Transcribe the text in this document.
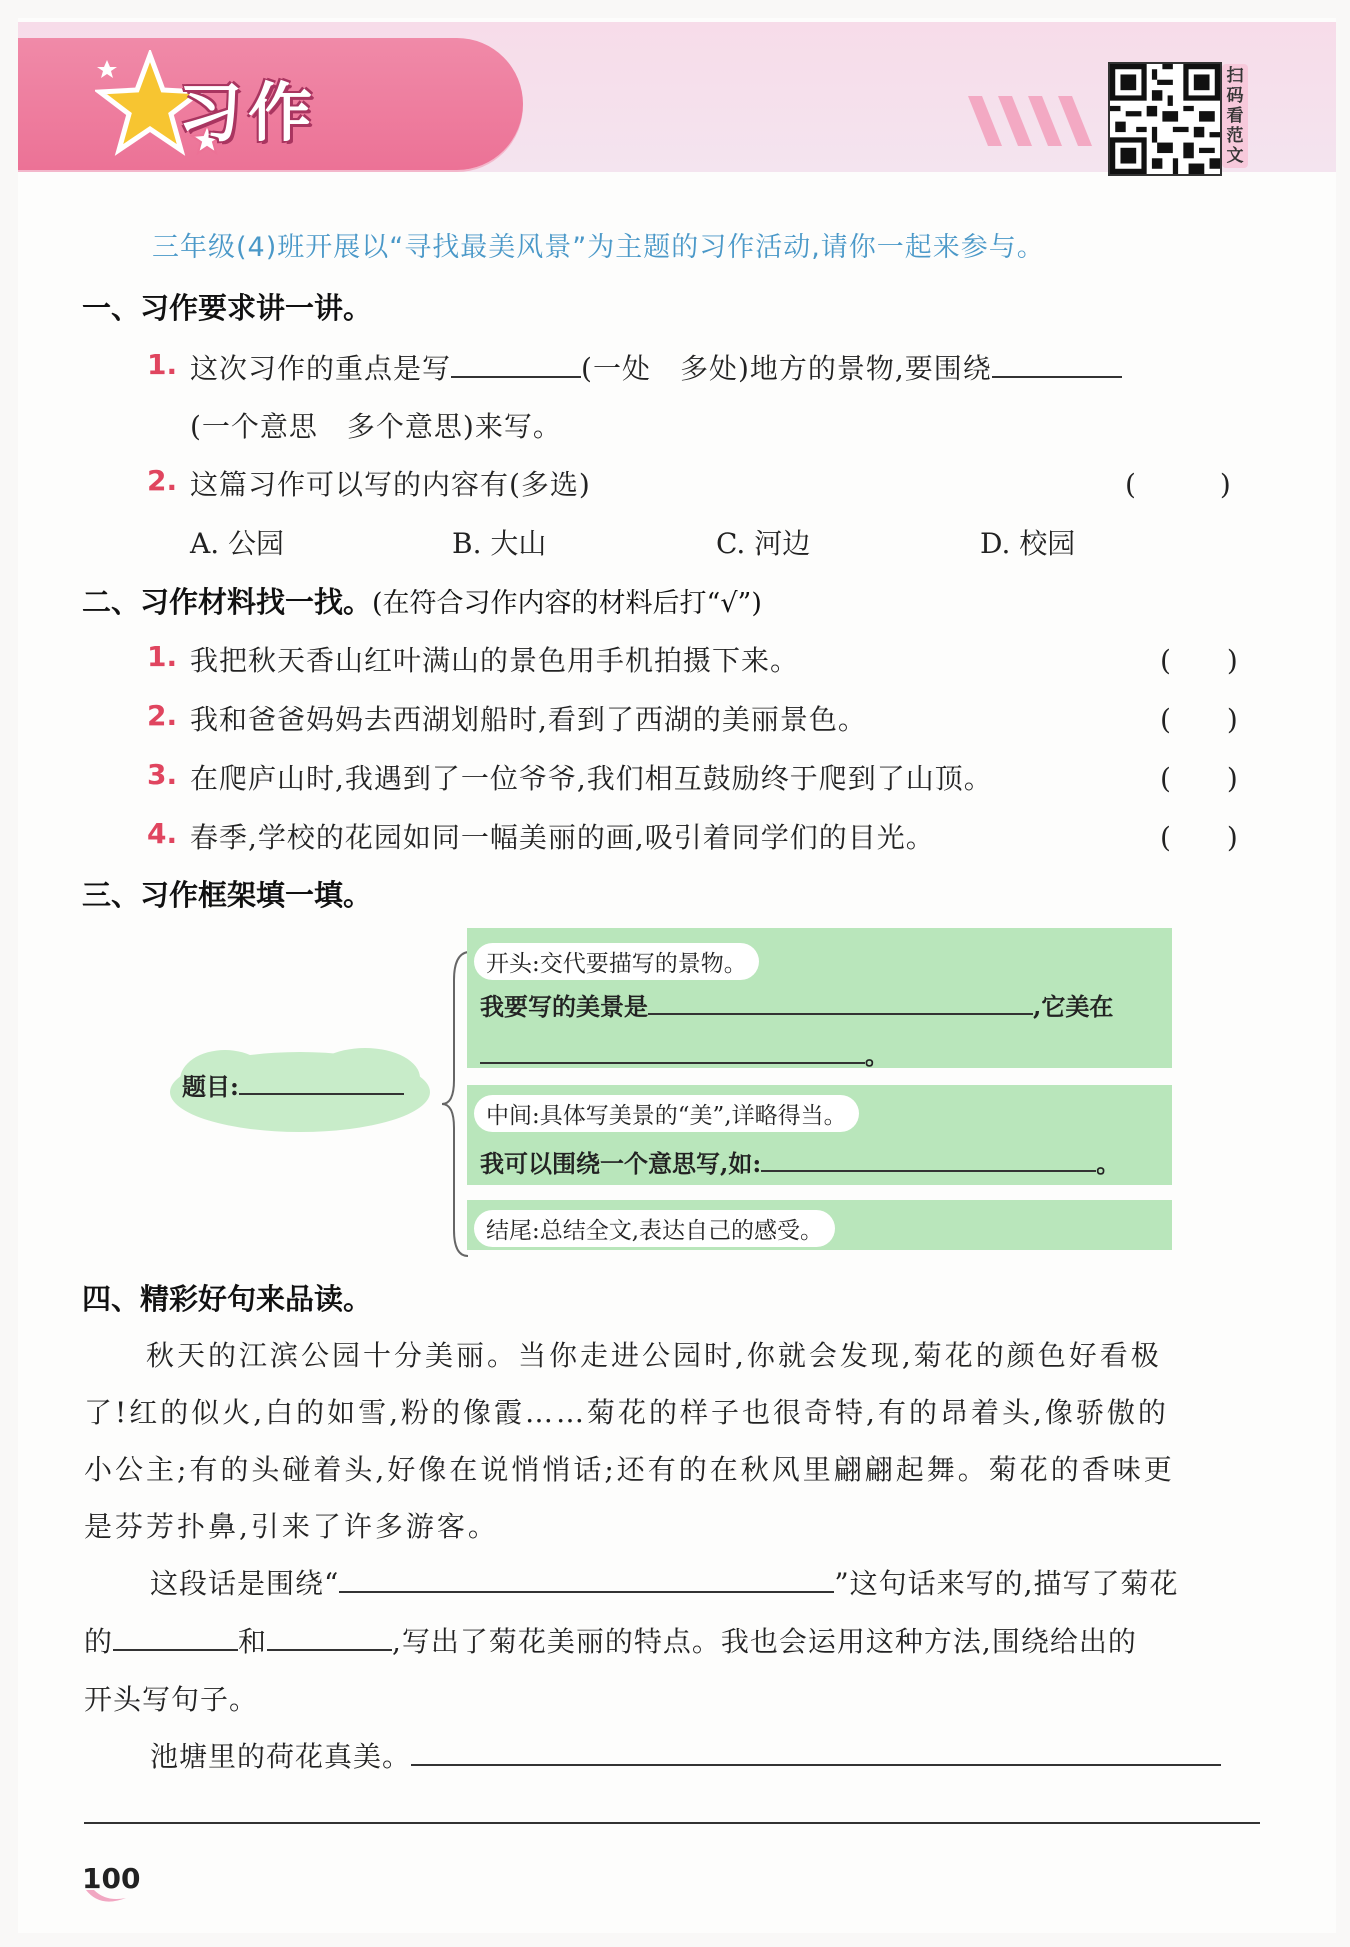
习作
扫码看范文
三年级(4)班开展以“寻找最美风景”为主题的习作活动,请你一起来参与。
一、习作要求讲一讲。
1. 这次习作的重点是写	(一处　多处)地方的景物,要围绕
(一个意思　多个意思)来写。
2. 这篇习作可以写的内容有(多选)	(　　　)
A. 公园	B. 大山	C. 河边	D. 校园
二、习作材料找一找。(在符合习作内容的材料后打“√”)
1. 我把秋天香山红叶满山的景色用手机拍摄下来。	(　　)
2. 我和爸爸妈妈去西湖划船时,看到了西湖的美丽景色。	(　　)
3. 在爬庐山时,我遇到了一位爷爷,我们相互鼓励终于爬到了山顶。	(　　)
4. 春季,学校的花园如同一幅美丽的画,吸引着同学们的目光。	(　　)
三、习作框架填一填。
题目:
开头:交代要描写的景物。
我要写的美景是	,它美在
。
中间:具体写美景的“美”,详略得当。
我可以围绕一个意思写,如:	。
结尾:总结全文,表达自己的感受。
四、精彩好句来品读。
　　秋天的江滨公园十分美丽。当你走进公园时,你就会发现,菊花的颜色好看极
了!红的似火,白的如雪,粉的像霞……菊花的样子也很奇特,有的昂着头,像骄傲的
小公主;有的头碰着头,好像在说悄悄话;还有的在秋风里翩翩起舞。菊花的香味更
是芬芳扑鼻,引来了许多游客。
这段话是围绕“	”这句话来写的,描写了菊花
的	和	,写出了菊花美丽的特点。我也会运用这种方法,围绕给出的
开头写句子。
池塘里的荷花真美。
100
